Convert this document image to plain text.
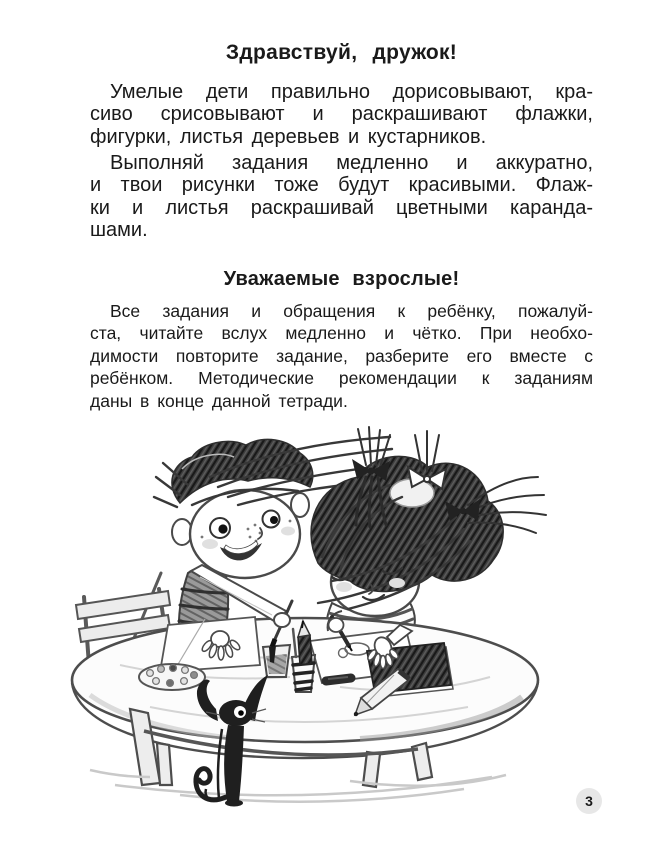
Здравствуй, дружок!
Умелые дети правильно дорисовывают, кра-
сиво срисовывают и раскрашивают флажки,
фигурки, листья деревьев и кустарников.
Выполняй задания медленно и аккуратно,
и твои рисунки тоже будут красивыми. Флаж-
ки и листья раскрашивай цветными каранда-
шами.
Уважаемые взрослые!
Все задания и обращения к ребёнку, пожалуй-
ста, читайте вслух медленно и чётко. При необхо-
димости повторите задание, разберите его вместе с
ребёнком. Методические рекомендации к заданиям
даны в конце данной тетради.
3
